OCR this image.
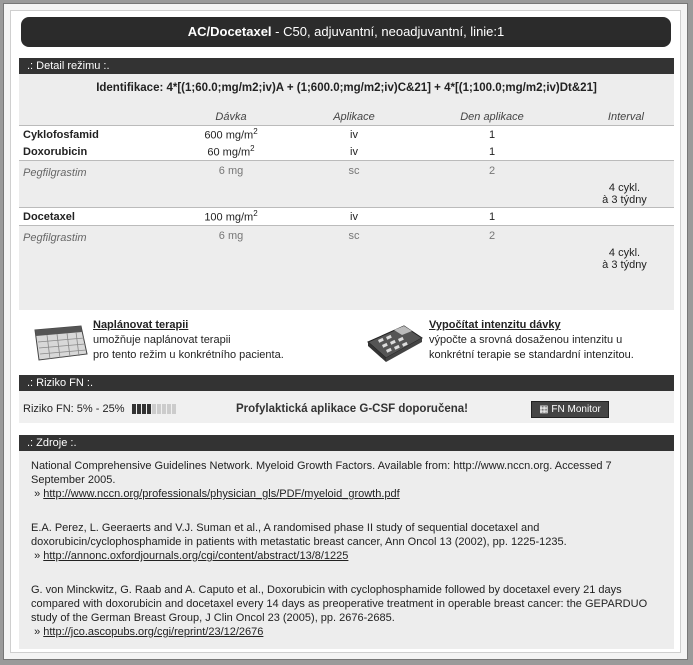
AC/Docetaxel - C50, adjuvantní, neoadjuvantní, linie:1
.: Detail režimu :.
Identifikace: 4*[(1;60.0;mg/m2;iv)A + (1;600.0;mg/m2;iv)C&21] + 4*[(1;100.0;mg/m2;iv)Dt&21]
	Dávka	Aplikace	Den aplikace	Interval
Cyklofosfamid	600 $mg/m^2$	iv	1	
Doxorubicin	60 $mg/m^2$	iv	1	
Pegfilgrastim	6 mg	sc	2	

				4 cykl.
à 3 týdny

Docetaxel	100 $mg/m^2$	iv	1	
Pegfilgrastim	6 mg	sc	2	

				4 cykl.
à 3 týdny
Naplánovat terapii
umožňuje naplánovat terapii
pro tento režim u konkrétního pacienta.
Vypočítat intenzitu dávky
výpočte a srovná dosaženou intenzitu u
konkrétní terapie se standardní intenzitou.
.: Riziko FN :.
Riziko FN: 5% - 25%	Profylaktická aplikace G-CSF doporučena!	▦ FN Monitor
.: Zdroje :.
National Comprehensive Guidelines Network. Myeloid Growth Factors. Available from: http://www.nccn.org. Accessed 7 September 2005.
» http://www.nccn.org/professionals/physician_gls/PDF/myeloid_growth.pdf
E.A. Perez, L. Geeraerts and V.J. Suman et al., A randomised phase II study of sequential docetaxel and doxorubicin/cyclophosphamide in patients with metastatic breast cancer, Ann Oncol 13 (2002), pp. 1225-1235.
» http://annonc.oxfordjournals.org/cgi/content/abstract/13/8/1225
G. von Minckwitz, G. Raab and A. Caputo et al., Doxorubicin with cyclophosphamide followed by docetaxel every 21 days compared with doxorubicin and docetaxel every 14 days as preoperative treatment in operable breast cancer: the GEPARDUO study of the German Breast Group, J Clin Oncol 23 (2005), pp. 2676-2685.
» http://jco.ascopubs.org/cgi/reprint/23/12/2676
